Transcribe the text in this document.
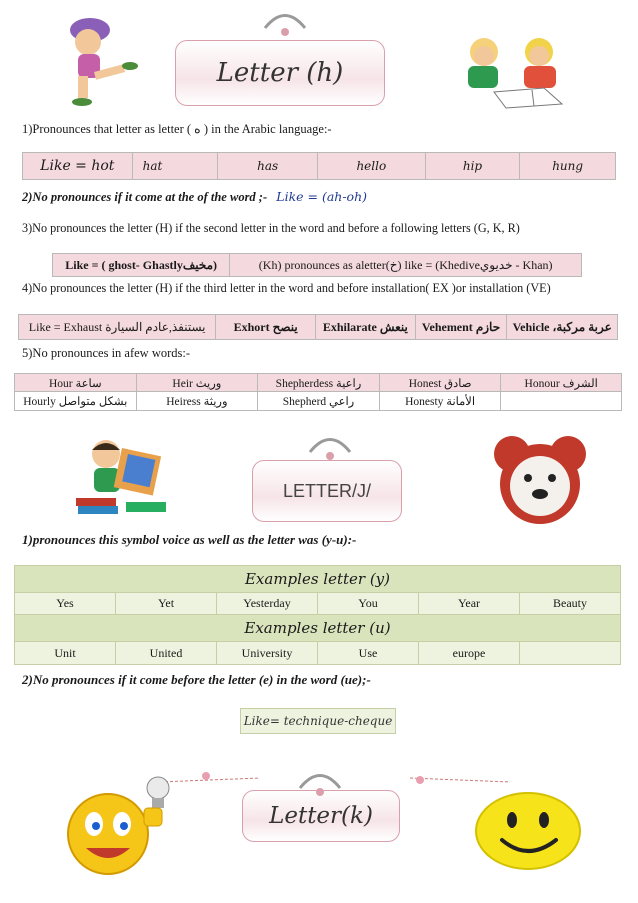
Letter (h)
1)Pronounces that letter as letter ( ه ) in the Arabic language:-
Like = hot	hat	has	hello	hip	hung
2)No pronounces if it come at the of the word ;- Like = (ah-oh)
3)No pronounces the letter (H) if the second letter in the word and before a following letters (G, K, R)
Like = ( ghost- Ghastlyمخيف)	(Kh) pronounces as aletter(خ) like = (Khediveخديوي - Khan)
4)No pronounces the letter (H) if the third letter in the word and before installation( EX )or installation (VE)
Like = Exhaust يستنفذ,عادم السيارة	Exhort ينصح	Exhilarate ينعش	Vehement حازم	Vehicle ،عربة مركبة
5)No pronounces in afew words:-
Hour ساعة	Heir وريث	Shepherdess راعية	Honest صادق	Honour الشرف
Hourly بشكل متواصل	Heiress وريثة	Shepherd راعي	Honesty الأمانة
LETTER/J/
1)pronounces this symbol voice as well as the letter was (y-u):-
Examples letter (y)
Yes	Yet	Yesterday	You	Year	Beauty
Examples letter (u)
Unit	United	University	Use	europe
2)No pronounces if it come before the letter (e) in the word (ue);-
Like= technique-cheque
Letter(k)
